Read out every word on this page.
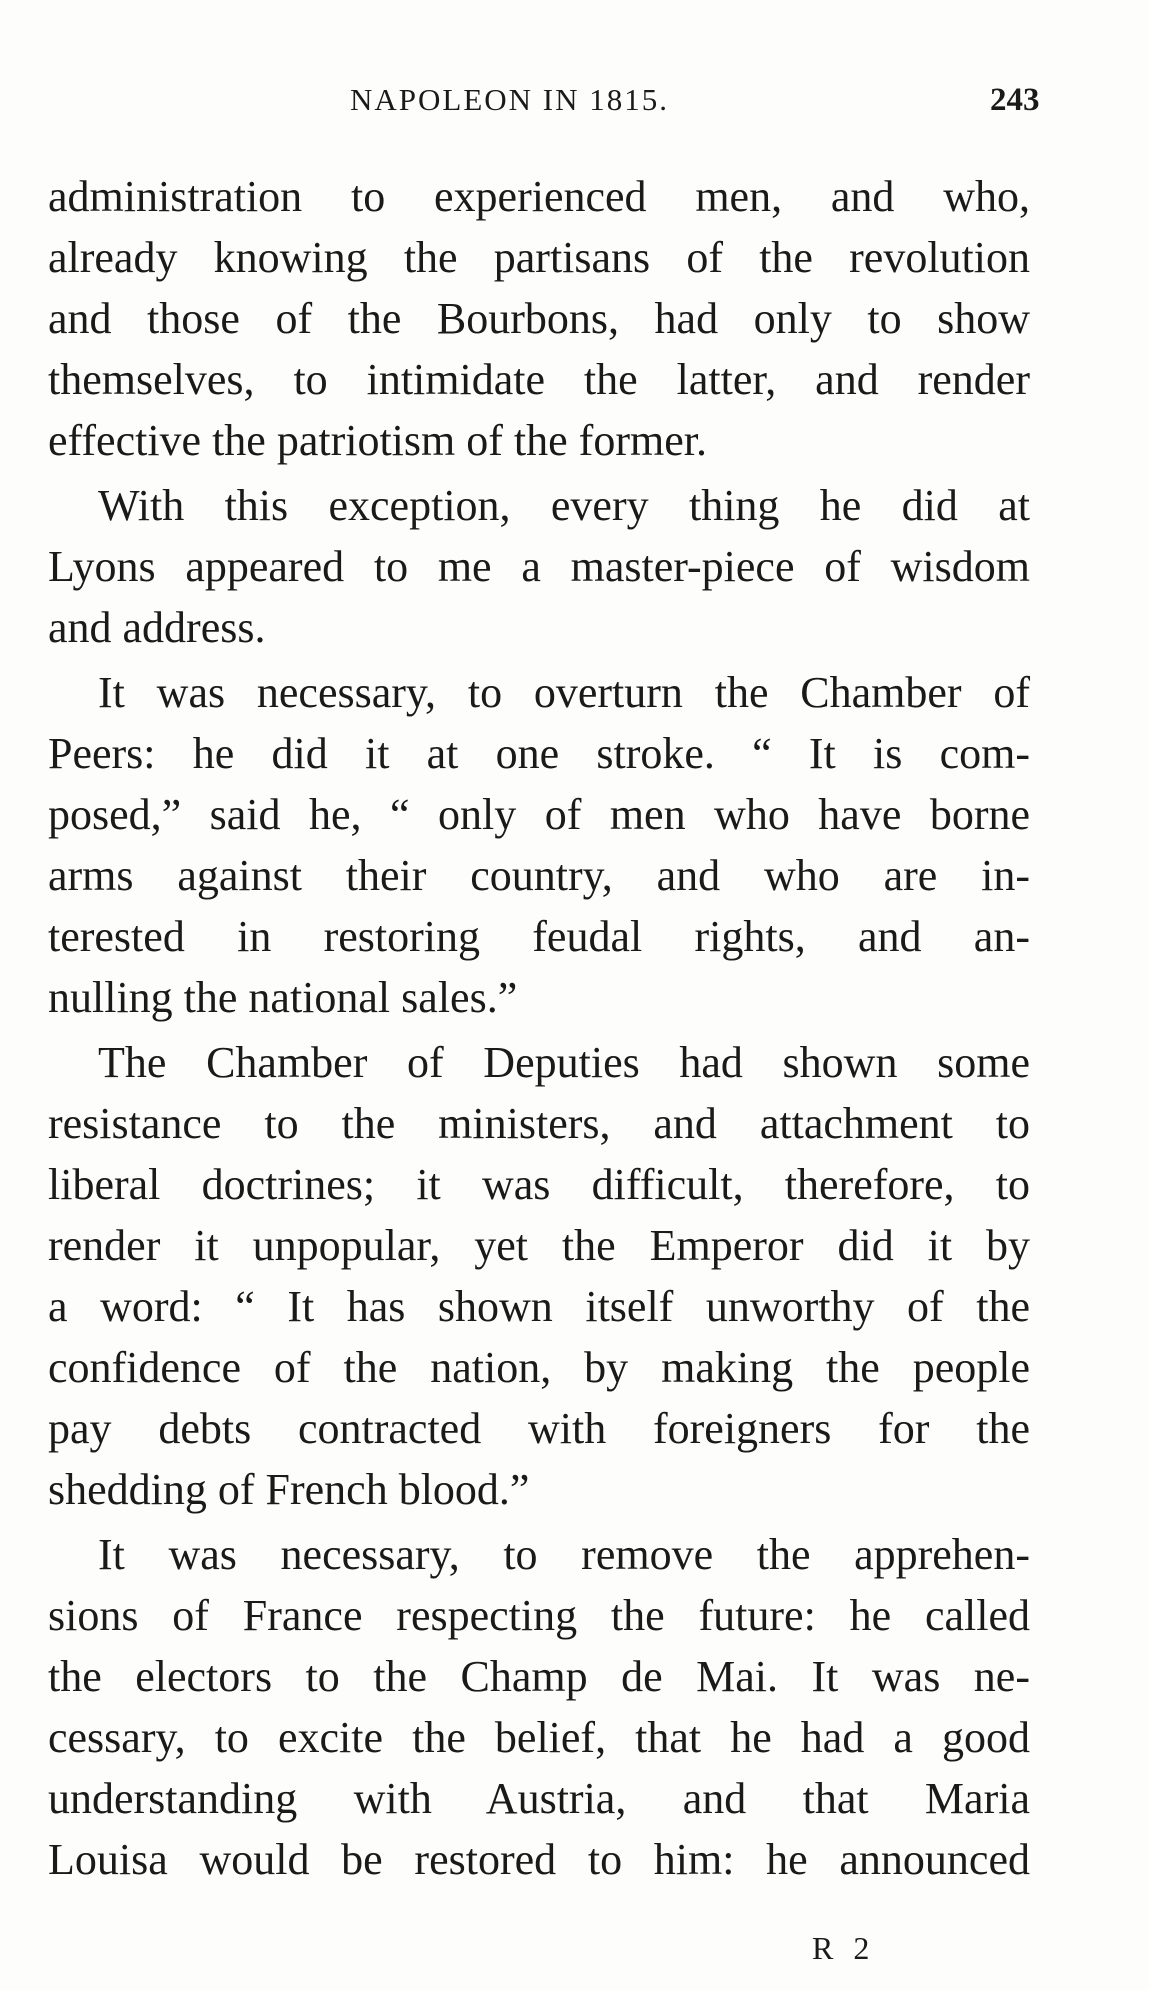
NAPOLEON IN 1815.	243
administration to experienced men, and who,
already knowing the partisans of the revolution
and those of the Bourbons, had only to show
themselves, to intimidate the latter, and render
effective the patriotism of the former.
With this exception, every thing he did at
Lyons appeared to me a master-piece of wisdom
and address.
It was necessary, to overturn the Chamber of
Peers: he did it at one stroke. “ It is com-
posed,” said he, “ only of men who have borne
arms against their country, and who are in-
terested in restoring feudal rights, and an-
nulling the national sales.”
The Chamber of Deputies had shown some
resistance to the ministers, and attachment to
liberal doctrines; it was difficult, therefore, to
render it unpopular, yet the Emperor did it by
a word: “ It has shown itself unworthy of the
confidence of the nation, by making the people
pay debts contracted with foreigners for the
shedding of French blood.”
It was necessary, to remove the apprehen-
sions of France respecting the future: he called
the electors to the Champ de Mai. It was ne-
cessary, to excite the belief, that he had a good
understanding with Austria, and that Maria
Louisa would be restored to him: he announced
R 2
